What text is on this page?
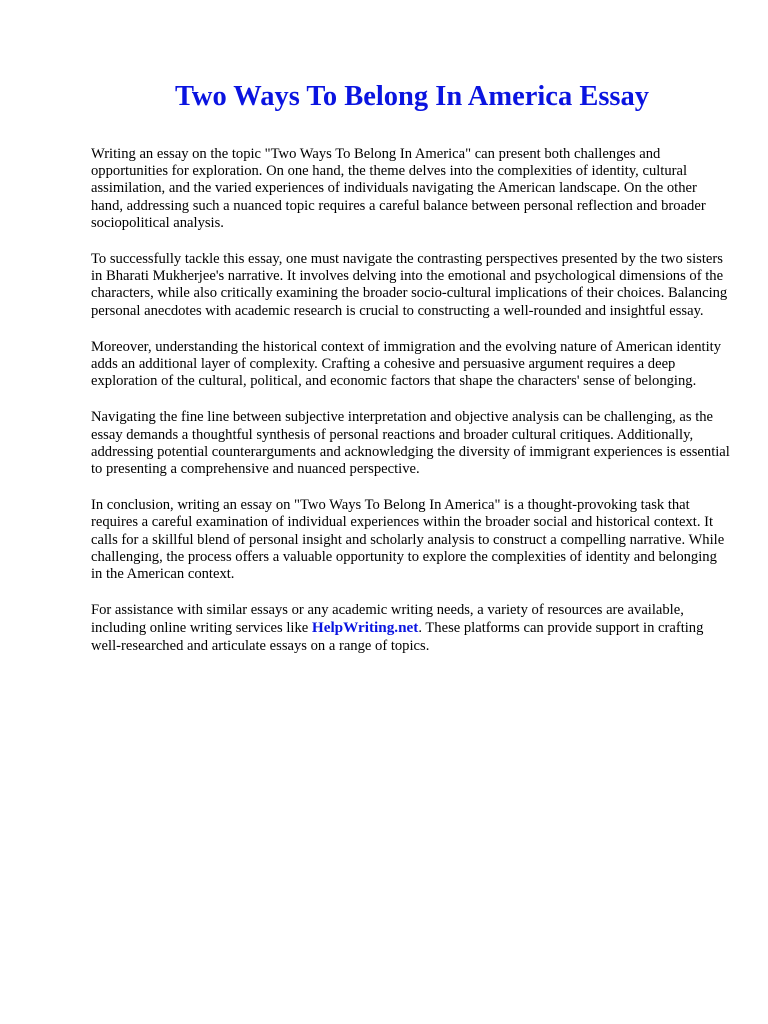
Two Ways To Belong In America Essay

Writing an essay on the topic "Two Ways To Belong In America" can present both challenges and opportunities for exploration. On one hand, the theme delves into the complexities of identity, cultural assimilation, and the varied experiences of individuals navigating the American landscape. On the other hand, addressing such a nuanced topic requires a careful balance between personal reflection and broader sociopolitical analysis.

To successfully tackle this essay, one must navigate the contrasting perspectives presented by the two sisters in Bharati Mukherjee's narrative. It involves delving into the emotional and psychological dimensions of the characters, while also critically examining the broader socio-cultural implications of their choices. Balancing personal anecdotes with academic research is crucial to constructing a well-rounded and insightful essay.

Moreover, understanding the historical context of immigration and the evolving nature of American identity adds an additional layer of complexity. Crafting a cohesive and persuasive argument requires a deep exploration of the cultural, political, and economic factors that shape the characters' sense of belonging.

Navigating the fine line between subjective interpretation and objective analysis can be challenging, as the essay demands a thoughtful synthesis of personal reactions and broader cultural critiques. Additionally, addressing potential counterarguments and acknowledging the diversity of immigrant experiences is essential to presenting a comprehensive and nuanced perspective.

In conclusion, writing an essay on "Two Ways To Belong In America" is a thought-provoking task that requires a careful examination of individual experiences within the broader social and historical context. It calls for a skillful blend of personal insight and scholarly analysis to construct a compelling narrative. While challenging, the process offers a valuable opportunity to explore the complexities of identity and belonging in the American context.

For assistance with similar essays or any academic writing needs, a variety of resources are available, including online writing services like HelpWriting.net. These platforms can provide support in crafting well-researched and articulate essays on a range of topics.
